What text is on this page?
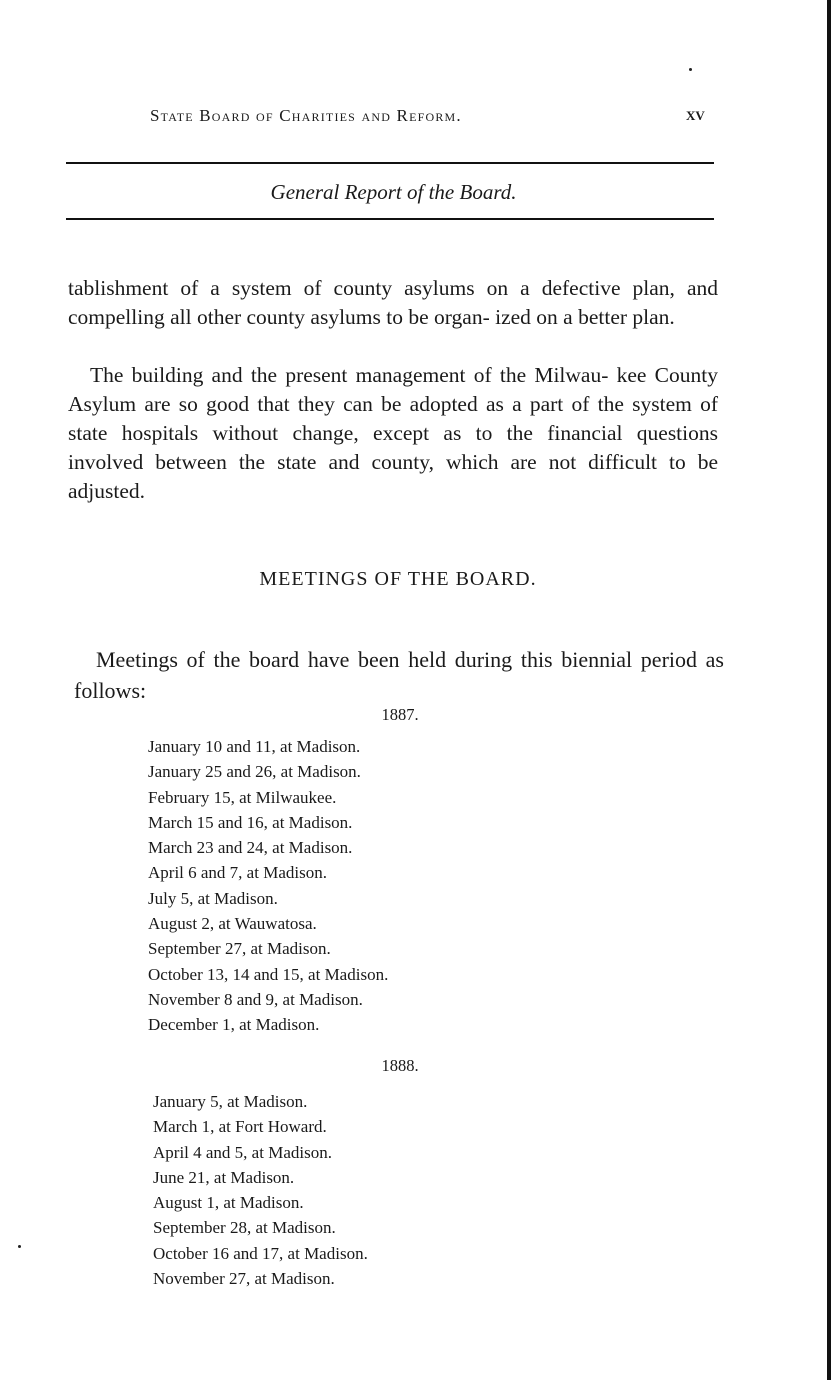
State Board of Charities and Reform.	xv
General Report of the Board.

tablishment of a system of county asylums on a defective plan, and compelling all other county asylums to be organ- ized on a better plan.

The building and the present management of the Milwau- kee County Asylum are so good that they can be adopted as a part of the system of state hospitals without change, except as to the financial questions involved between the state and county, which are not difficult to be adjusted.

MEETINGS OF THE BOARD.

Meetings of the board have been held during this biennial period as follows:

1887.
January 10 and 11, at Madison.
January 25 and 26, at Madison.
February 15, at Milwaukee.
March 15 and 16, at Madison.
March 23 and 24, at Madison.
April 6 and 7, at Madison.
July 5, at Madison.
August 2, at Wauwatosa.
September 27, at Madison.
October 13, 14 and 15, at Madison.
November 8 and 9, at Madison.
December 1, at Madison.
1888.
January 5, at Madison.
March 1, at Fort Howard.
April 4 and 5, at Madison.
June 21, at Madison.
August 1, at Madison.
September 28, at Madison.
October 16 and 17, at Madison.
November 27, at Madison.
